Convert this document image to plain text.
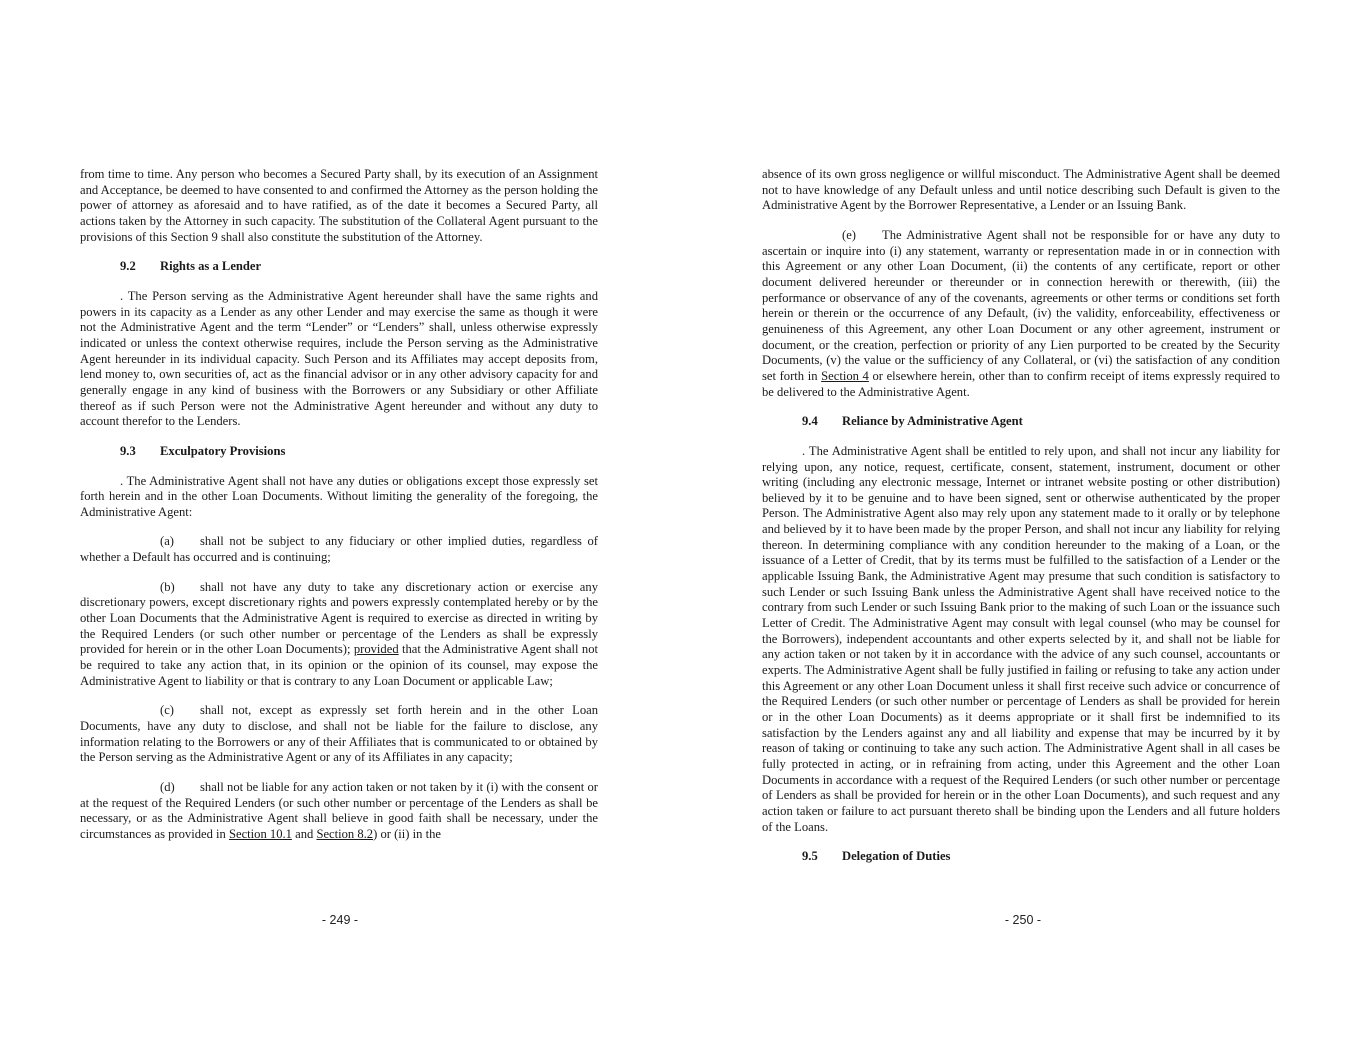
from time to time. Any person who becomes a Secured Party shall, by its execution of an Assignment and Acceptance, be deemed to have consented to and confirmed the Attorney as the person holding the power of attorney as aforesaid and to have ratified, as of the date it becomes a Secured Party, all actions taken by the Attorney in such capacity. The substitution of the Collateral Agent pursuant to the provisions of this Section 9 shall also constitute the substitution of the Attorney.

9.2 Rights as a Lender

. The Person serving as the Administrative Agent hereunder shall have the same rights and powers in its capacity as a Lender as any other Lender and may exercise the same as though it were not the Administrative Agent and the term “Lender” or “Lenders” shall, unless otherwise expressly indicated or unless the context otherwise requires, include the Person serving as the Administrative Agent hereunder in its individual capacity. Such Person and its Affiliates may accept deposits from, lend money to, own securities of, act as the financial advisor or in any other advisory capacity for and generally engage in any kind of business with the Borrowers or any Subsidiary or other Affiliate thereof as if such Person were not the Administrative Agent hereunder and without any duty to account therefor to the Lenders.

9.3 Exculpatory Provisions

. The Administrative Agent shall not have any duties or obligations except those expressly set forth herein and in the other Loan Documents. Without limiting the generality of the foregoing, the Administrative Agent:

(a) shall not be subject to any fiduciary or other implied duties, regardless of whether a Default has occurred and is continuing;

(b) shall not have any duty to take any discretionary action or exercise any discretionary powers, except discretionary rights and powers expressly contemplated hereby or by the other Loan Documents that the Administrative Agent is required to exercise as directed in writing by the Required Lenders (or such other number or percentage of the Lenders as shall be expressly provided for herein or in the other Loan Documents); provided that the Administrative Agent shall not be required to take any action that, in its opinion or the opinion of its counsel, may expose the Administrative Agent to liability or that is contrary to any Loan Document or applicable Law;

(c) shall not, except as expressly set forth herein and in the other Loan Documents, have any duty to disclose, and shall not be liable for the failure to disclose, any information relating to the Borrowers or any of their Affiliates that is communicated to or obtained by the Person serving as the Administrative Agent or any of its Affiliates in any capacity;

(d) shall not be liable for any action taken or not taken by it (i) with the consent or at the request of the Required Lenders (or such other number or percentage of the Lenders as shall be necessary, or as the Administrative Agent shall believe in good faith shall be necessary, under the circumstances as provided in Section 10.1 and Section 8.2) or (ii) in the

- 249 -

absence of its own gross negligence or willful misconduct. The Administrative Agent shall be deemed not to have knowledge of any Default unless and until notice describing such Default is given to the Administrative Agent by the Borrower Representative, a Lender or an Issuing Bank.

(e) The Administrative Agent shall not be responsible for or have any duty to ascertain or inquire into (i) any statement, warranty or representation made in or in connection with this Agreement or any other Loan Document, (ii) the contents of any certificate, report or other document delivered hereunder or thereunder or in connection herewith or therewith, (iii) the performance or observance of any of the covenants, agreements or other terms or conditions set forth herein or therein or the occurrence of any Default, (iv) the validity, enforceability, effectiveness or genuineness of this Agreement, any other Loan Document or any other agreement, instrument or document, or the creation, perfection or priority of any Lien purported to be created by the Security Documents, (v) the value or the sufficiency of any Collateral, or (vi) the satisfaction of any condition set forth in Section 4 or elsewhere herein, other than to confirm receipt of items expressly required to be delivered to the Administrative Agent.

9.4 Reliance by Administrative Agent

. The Administrative Agent shall be entitled to rely upon, and shall not incur any liability for relying upon, any notice, request, certificate, consent, statement, instrument, document or other writing (including any electronic message, Internet or intranet website posting or other distribution) believed by it to be genuine and to have been signed, sent or otherwise authenticated by the proper Person. The Administrative Agent also may rely upon any statement made to it orally or by telephone and believed by it to have been made by the proper Person, and shall not incur any liability for relying thereon. In determining compliance with any condition hereunder to the making of a Loan, or the issuance of a Letter of Credit, that by its terms must be fulfilled to the satisfaction of a Lender or the applicable Issuing Bank, the Administrative Agent may presume that such condition is satisfactory to such Lender or such Issuing Bank unless the Administrative Agent shall have received notice to the contrary from such Lender or such Issuing Bank prior to the making of such Loan or the issuance such Letter of Credit. The Administrative Agent may consult with legal counsel (who may be counsel for the Borrowers), independent accountants and other experts selected by it, and shall not be liable for any action taken or not taken by it in accordance with the advice of any such counsel, accountants or experts. The Administrative Agent shall be fully justified in failing or refusing to take any action under this Agreement or any other Loan Document unless it shall first receive such advice or concurrence of the Required Lenders (or such other number or percentage of Lenders as shall be provided for herein or in the other Loan Documents) as it deems appropriate or it shall first be indemnified to its satisfaction by the Lenders against any and all liability and expense that may be incurred by it by reason of taking or continuing to take any such action. The Administrative Agent shall in all cases be fully protected in acting, or in refraining from acting, under this Agreement and the other Loan Documents in accordance with a request of the Required Lenders (or such other number or percentage of Lenders as shall be provided for herein or in the other Loan Documents), and such request and any action taken or failure to act pursuant thereto shall be binding upon the Lenders and all future holders of the Loans.

9.5 Delegation of Duties
- 250 -
